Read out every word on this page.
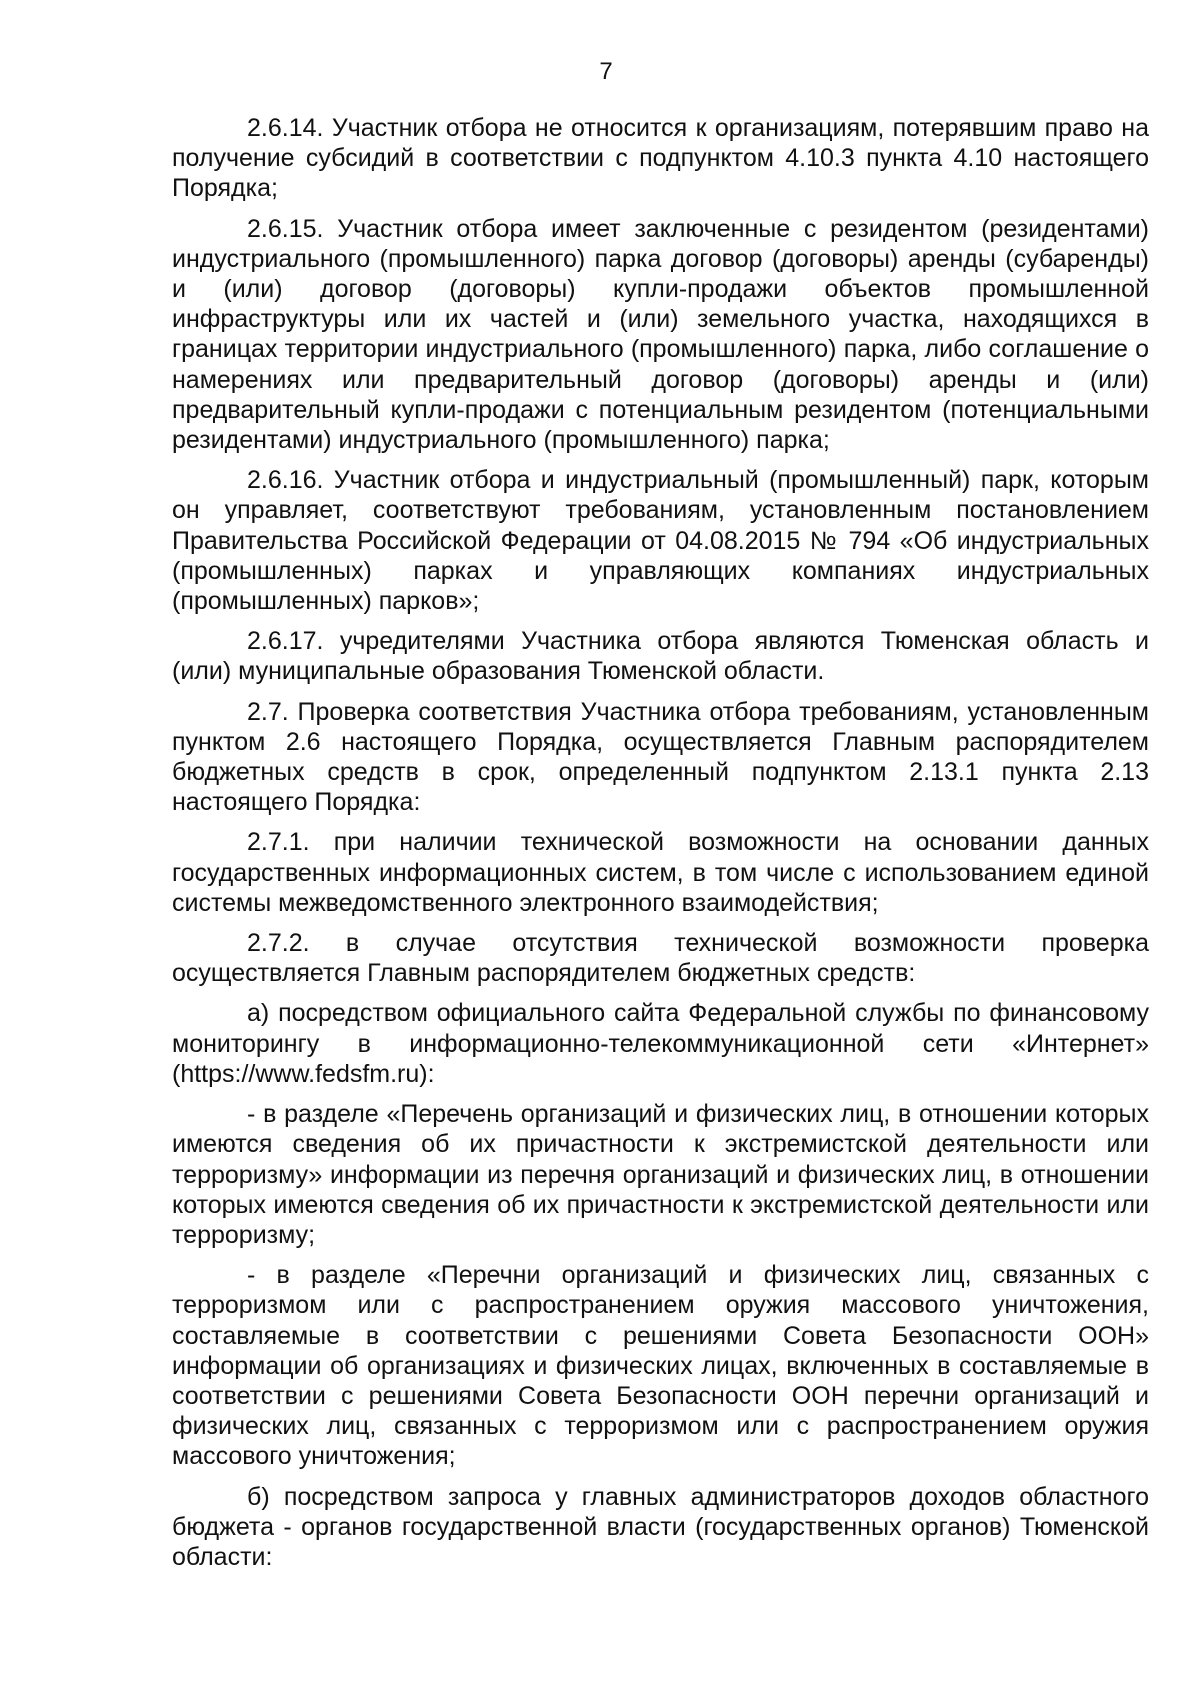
7

2.6.14. Участник отбора не относится к организациям, потерявшим право на получение субсидий в соответствии с подпунктом 4.10.3 пункта 4.10 настоящего Порядка;

2.6.15. Участник отбора имеет заключенные с резидентом (резидентами) индустриального (промышленного) парка договор (договоры) аренды (субаренды) и (или) договор (договоры) купли-продажи объектов промышленной инфраструктуры или их частей и (или) земельного участка, находящихся в границах территории индустриального (промышленного) парка, либо соглашение о намерениях или предварительный договор (договоры) аренды и (или) предварительный купли-продажи с потенциальным резидентом (потенциальными резидентами) индустриального (промышленного) парка;

2.6.16. Участник отбора и индустриальный (промышленный) парк, которым он управляет, соответствуют требованиям, установленным постановлением Правительства Российской Федерации от 04.08.2015 № 794 «Об индустриальных (промышленных) парках и управляющих компаниях индустриальных (промышленных) парков»;

2.6.17. учредителями Участника отбора являются Тюменская область и (или) муниципальные образования Тюменской области.

2.7. Проверка соответствия Участника отбора требованиям, установленным пунктом 2.6 настоящего Порядка, осуществляется Главным распорядителем бюджетных средств в срок, определенный подпунктом 2.13.1 пункта 2.13 настоящего Порядка:

2.7.1. при наличии технической возможности на основании данных государственных информационных систем, в том числе с использованием единой системы межведомственного электронного взаимодействия;

2.7.2. в случае отсутствия технической возможности проверка осуществляется Главным распорядителем бюджетных средств:

а) посредством официального сайта Федеральной службы по финансовому мониторингу в информационно-телекоммуникационной сети «Интернет» (https://www.fedsfm.ru):

- в разделе «Перечень организаций и физических лиц, в отношении которых имеются сведения об их причастности к экстремистской деятельности или терроризму» информации из перечня организаций и физических лиц, в отношении которых имеются сведения об их причастности к экстремистской деятельности или терроризму;

- в разделе «Перечни организаций и физических лиц, связанных с терроризмом или с распространением оружия массового уничтожения, составляемые в соответствии с решениями Совета Безопасности ООН» информации об организациях и физических лицах, включенных в составляемые в соответствии с решениями Совета Безопасности ООН перечни организаций и физических лиц, связанных с терроризмом или с распространением оружия массового уничтожения;

б) посредством запроса у главных администраторов доходов областного бюджета - органов государственной власти (государственных органов) Тюменской области:
